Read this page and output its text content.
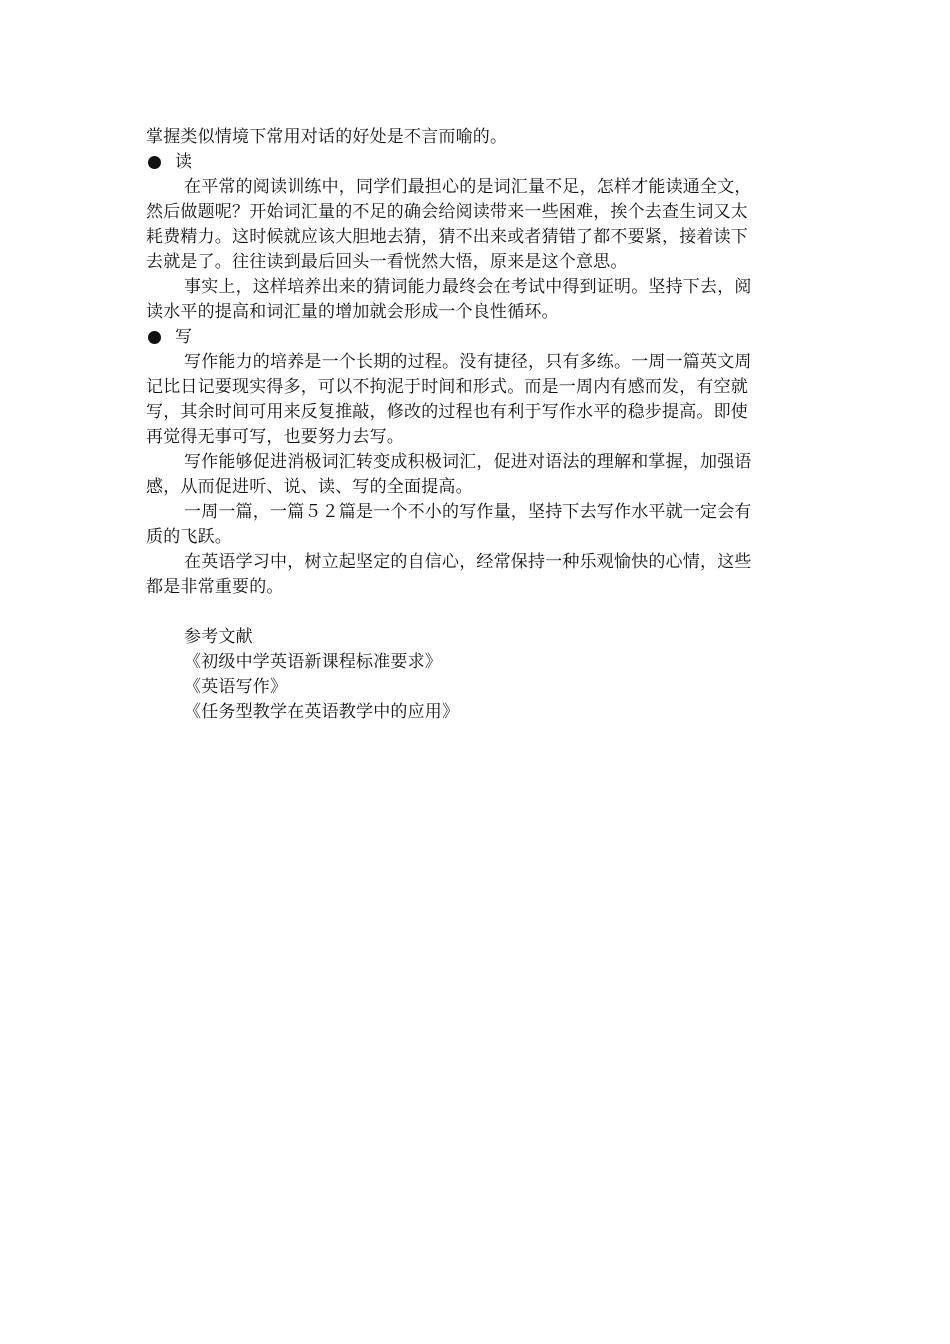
掌握类似情境下常用对话的好处是不言而喻的。
读
在平常的阅读训练中，同学们最担心的是词汇量不足，怎样才能读通全文，
然后做题呢？开始词汇量的不足的确会给阅读带来一些困难，挨个去查生词又太
耗费精力。这时候就应该大胆地去猜，猜不出来或者猜错了都不要紧，接着读下
去就是了。往往读到最后回头一看恍然大悟，原来是这个意思。
事实上，这样培养出来的猜词能力最终会在考试中得到证明。坚持下去，阅
读水平的提高和词汇量的增加就会形成一个良性循环。
写
写作能力的培养是一个长期的过程。没有捷径，只有多练。一周一篇英文周
记比日记要现实得多，可以不拘泥于时间和形式。而是一周内有感而发，有空就
写，其余时间可用来反复推敲，修改的过程也有利于写作水平的稳步提高。即使
再觉得无事可写，也要努力去写。
写作能够促进消极词汇转变成积极词汇，促进对语法的理解和掌握，加强语
感，从而促进听、说、读、写的全面提高。
一周一篇，一篇５２篇是一个不小的写作量，坚持下去写作水平就一定会有
质的飞跃。
在英语学习中，树立起坚定的自信心，经常保持一种乐观愉快的心情，这些
都是非常重要的。
参考文献
《初级中学英语新课程标准要求》
《英语写作》
《任务型教学在英语教学中的应用》
